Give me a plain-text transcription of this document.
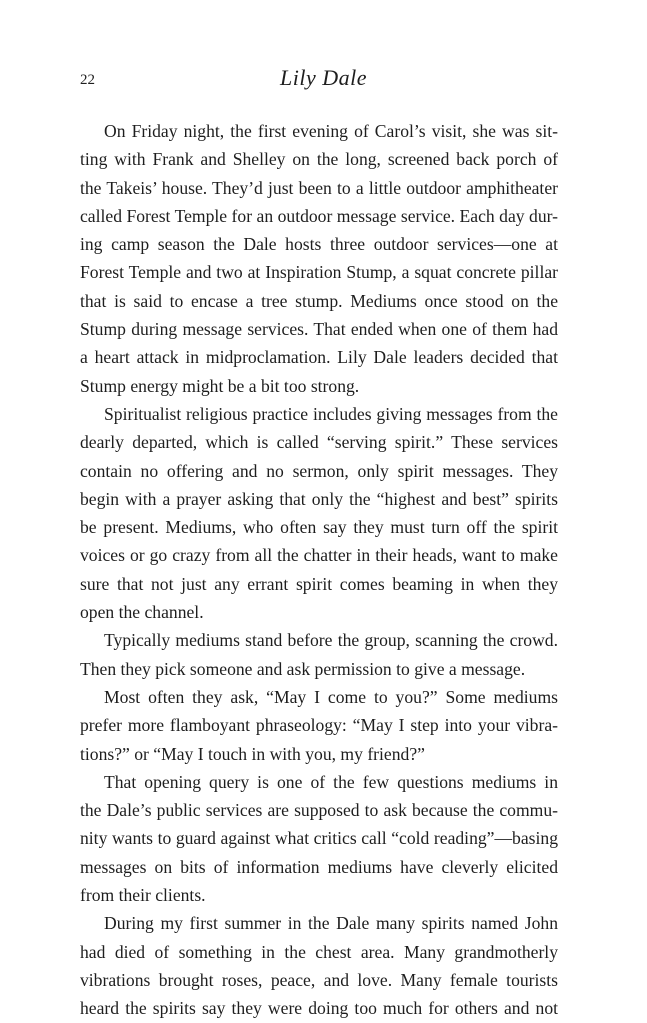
22	Lily Dale
On Friday night, the first evening of Carol’s visit, she was sit-
ting with Frank and Shelley on the long, screened back porch of
the Takeis’ house. They’d just been to a little outdoor amphitheater
called Forest Temple for an outdoor message service. Each day dur-
ing camp season the Dale hosts three outdoor services—one at
Forest Temple and two at Inspiration Stump, a squat concrete pillar
that is said to encase a tree stump. Mediums once stood on the
Stump during message services. That ended when one of them had
a heart attack in midproclamation. Lily Dale leaders decided that
Stump energy might be a bit too strong.
Spiritualist religious practice includes giving messages from the
dearly departed, which is called “serving spirit.” These services
contain no offering and no sermon, only spirit messages. They
begin with a prayer asking that only the “highest and best” spirits
be present. Mediums, who often say they must turn off the spirit
voices or go crazy from all the chatter in their heads, want to make
sure that not just any errant spirit comes beaming in when they
open the channel.
Typically mediums stand before the group, scanning the crowd.
Then they pick someone and ask permission to give a message.
Most often they ask, “May I come to you?” Some mediums
prefer more flamboyant phraseology: “May I step into your vibra-
tions?” or “May I touch in with you, my friend?”
That opening query is one of the few questions mediums in
the Dale’s public services are supposed to ask because the commu-
nity wants to guard against what critics call “cold reading”—basing
messages on bits of information mediums have cleverly elicited
from their clients.
During my first summer in the Dale many spirits named John
had died of something in the chest area. Many grandmotherly
vibrations brought roses, peace, and love. Many female tourists
heard the spirits say they were doing too much for others and not
